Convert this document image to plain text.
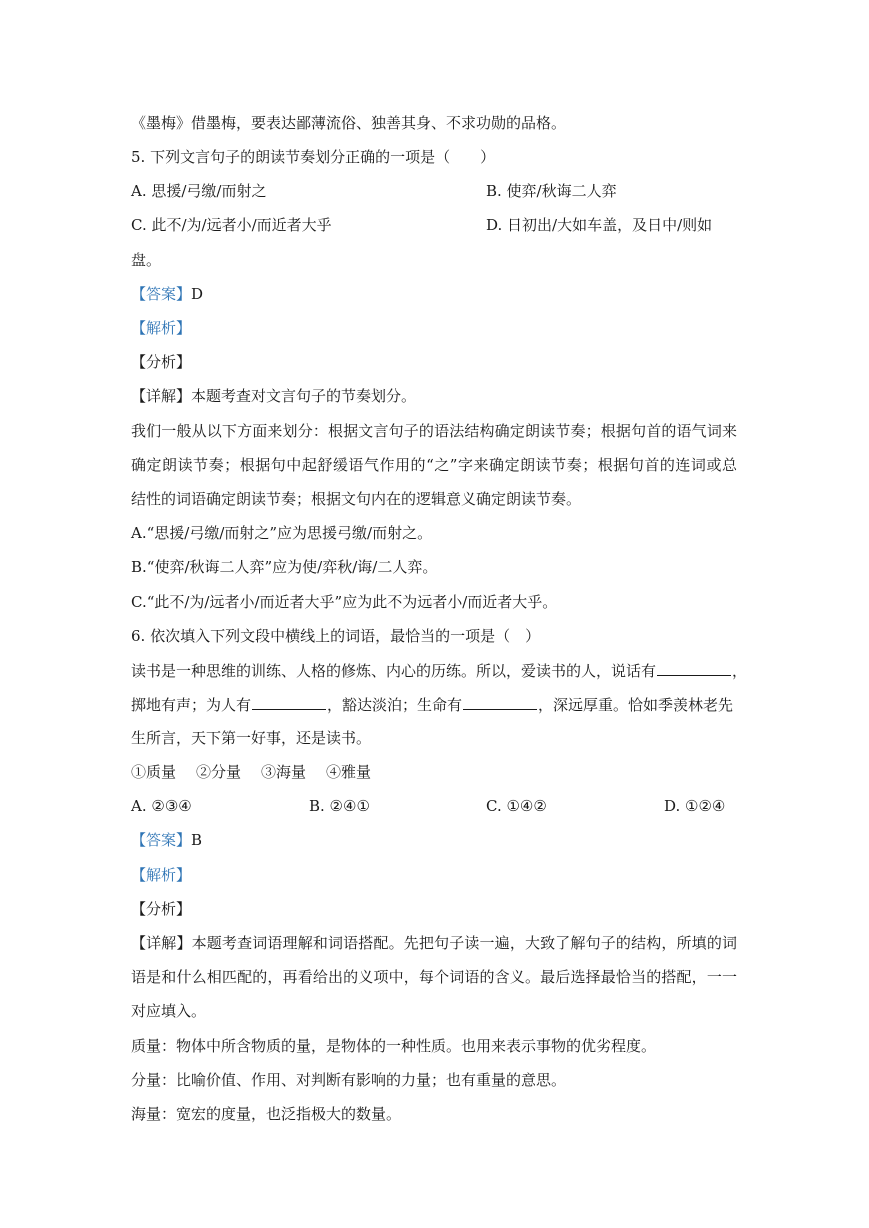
《墨梅》借墨梅，要表达鄙薄流俗、独善其身、不求功勋的品格。

5. 下列文言句子的朗读节奏划分正确的一项是（　　）

A. 思援/弓缴/而射之	B. 使弈/秋诲二人弈

C. 此不/为/远者小/而近者大乎	D. 日初出/大如车盖，及日中/则如

盘。

【答案】D

【解析】

【分析】

【详解】本题考查对文言句子的节奏划分。

我们一般从以下方面来划分：根据文言句子的语法结构确定朗读节奏；根据句首的语气词来

确定朗读节奏；根据句中起舒缓语气作用的“之”字来确定朗读节奏；根据句首的连词或总

结性的词语确定朗读节奏；根据文句内在的逻辑意义确定朗读节奏。

A.“思援/弓缴/而射之”应为思援弓缴/而射之。

B.“使弈/秋诲二人弈”应为使/弈秋/诲/二人弈。

C.“此不/为/远者小/而近者大乎”应为此不为远者小/而近者大乎。

6. 依次填入下列文段中横线上的词语，最恰当的一项是（　）

读书是一种思维的训练、人格的修炼、内心的历练。所以，爱读书的人，说话有	，

掷地有声；为人有	，豁达淡泊；生命有	，深远厚重。恰如季羡林老先

生所言，天下第一好事，还是读书。

①质量 ②分量 ③海量 ④雅量

A. ②③④	B. ②④①	C. ①④②	D. ①②④

【答案】B

【解析】

【分析】

【详解】本题考查词语理解和词语搭配。先把句子读一遍，大致了解句子的结构，所填的词

语是和什么相匹配的，再看给出的义项中，每个词语的含义。最后选择最恰当的搭配，一一

对应填入。

质量：物体中所含物质的量，是物体的一种性质。也用来表示事物的优劣程度。

分量：比喻价值、作用、对判断有影响的力量；也有重量的意思。

海量：宽宏的度量，也泛指极大的数量。
